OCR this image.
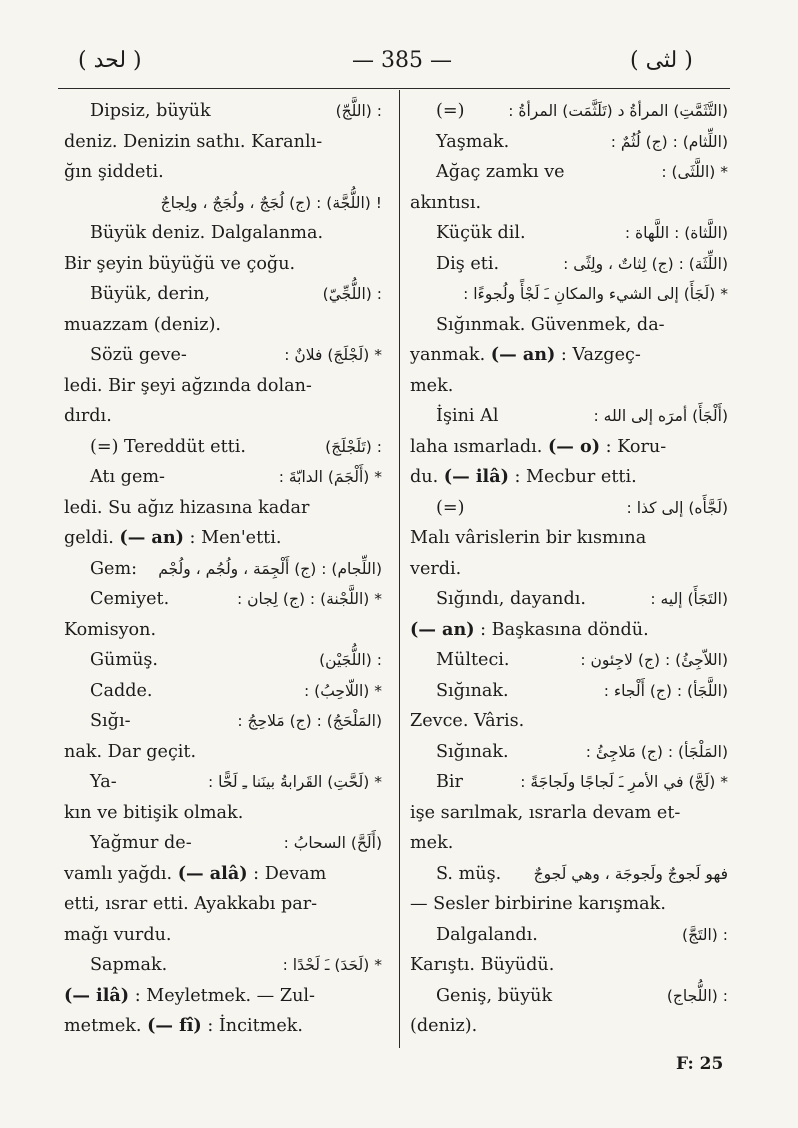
( لحد )	— 385 —	( لثى )
Dipsiz, büyük	: (اللَّجّ)
deniz. Denizin sathı. Karanlı-
ğın şiddeti.
! (اللُّجَّة) : (ج) لُجَجٌ ، ولُجَجٌ ، ولِجاجٌ
Büyük deniz. Dalgalanma.
Bir şeyin büyüğü ve çoğu.
Büyük, derin,	: (اللُّجِّيّ)
muazzam (deniz).
Sözü geve-	* (لَجْلَجَ) فلانٌ :
ledi. Bir şeyi ağzında dolan-
dırdı.
(=) Tereddüt etti.	: (تَلَجْلَجَ)
Atı gem-	* (أَلْجَمَ) الدابّةَ :
ledi. Su ağız hizasına kadar
geldi. (— an) : Men'etti.
Gem: (اللِّجام) : (ج) أَلْجِمَة ، ولُجُم ، ولُجْم
Cemiyet.	* (اللَّجْنة) : (ج) لِجان :
Komisyon.
Gümüş.	: (اللُّجَيْن)
Cadde.	* (اللّاحِبُ) :
Sığı-	(المَلْحَجُ) : (ج) مَلاحِجُ :
nak. Dar geçit.
Ya-	* (لَحَّتِ) القَرابةُ بينَنا ـِ لَحًّا :
kın ve bitişik olmak.
Yağmur de-	(أَلَحَّ) السحابُ :
vamlı yağdı. (— alâ) : Devam
etti, ısrar etti. Ayakkabı par-
mağı vurdu.
Sapmak.	* (لَحَدَ) ـَ لَحْدًا :
(— ilâ) : Meyletmek. — Zul-
metmek. (— fî) : İncitmek.
(=)	(التَّثَمَّتِ) المرأةُ د (تَلَثَّمَت) المرأةُ :
Yaşmak.	(اللِّثام) : (ج) لُثُمٌ :
Ağaç zamkı ve	* (اللَّثَى) :
akıntısı.
Küçük dil.	(اللَّثاة) : اللَّهاة :
Diş eti.	(اللِّثَة) : (ج) لِثاتٌ ، ولِثًى :
* (لَجَأَ) إلى الشيء والمكانِ ـَ لَجْأً ولُجوءًا :
Sığınmak. Güvenmek, da-
yanmak. (— an) : Vazgeç-
mek.
İşini Al	(أَلْجَأَ) أمرَه إلى الله :
laha ısmarladı. (— o) : Koru-
du. (— ilâ) : Mecbur etti.
(=)	(لَجَّأَه) إلى كذا :
Malı vârislerin bir kısmına
verdi.
Sığındı, dayandı.	(التَجَأَ) إليه :
(— an) : Başkasına döndü.
Mülteci.	(اللاّجِئُ) : (ج) لاجِئون :
Sığınak.	(اللَّجَأ) : (ج) أَلْجاء :
Zevce. Vâris.
Sığınak.	(المَلْجَأ) : (ج) مَلاجِئُ :
Bir	* (لَجَّ) في الأمرِ ـَ لَجاجًا ولَجاجَةً :
işe sarılmak, ısrarla devam et-
mek.
S. müş. فهو لَجوجٌ ولَجوجَة ، وهي لَجوجٌ
— Sesler birbirine karışmak.
Dalgalandı.	: (التَجَّ)
Karıştı. Büyüdü.
Geniş, büyük	: (اللُّجاج)
(deniz).
F: 25
